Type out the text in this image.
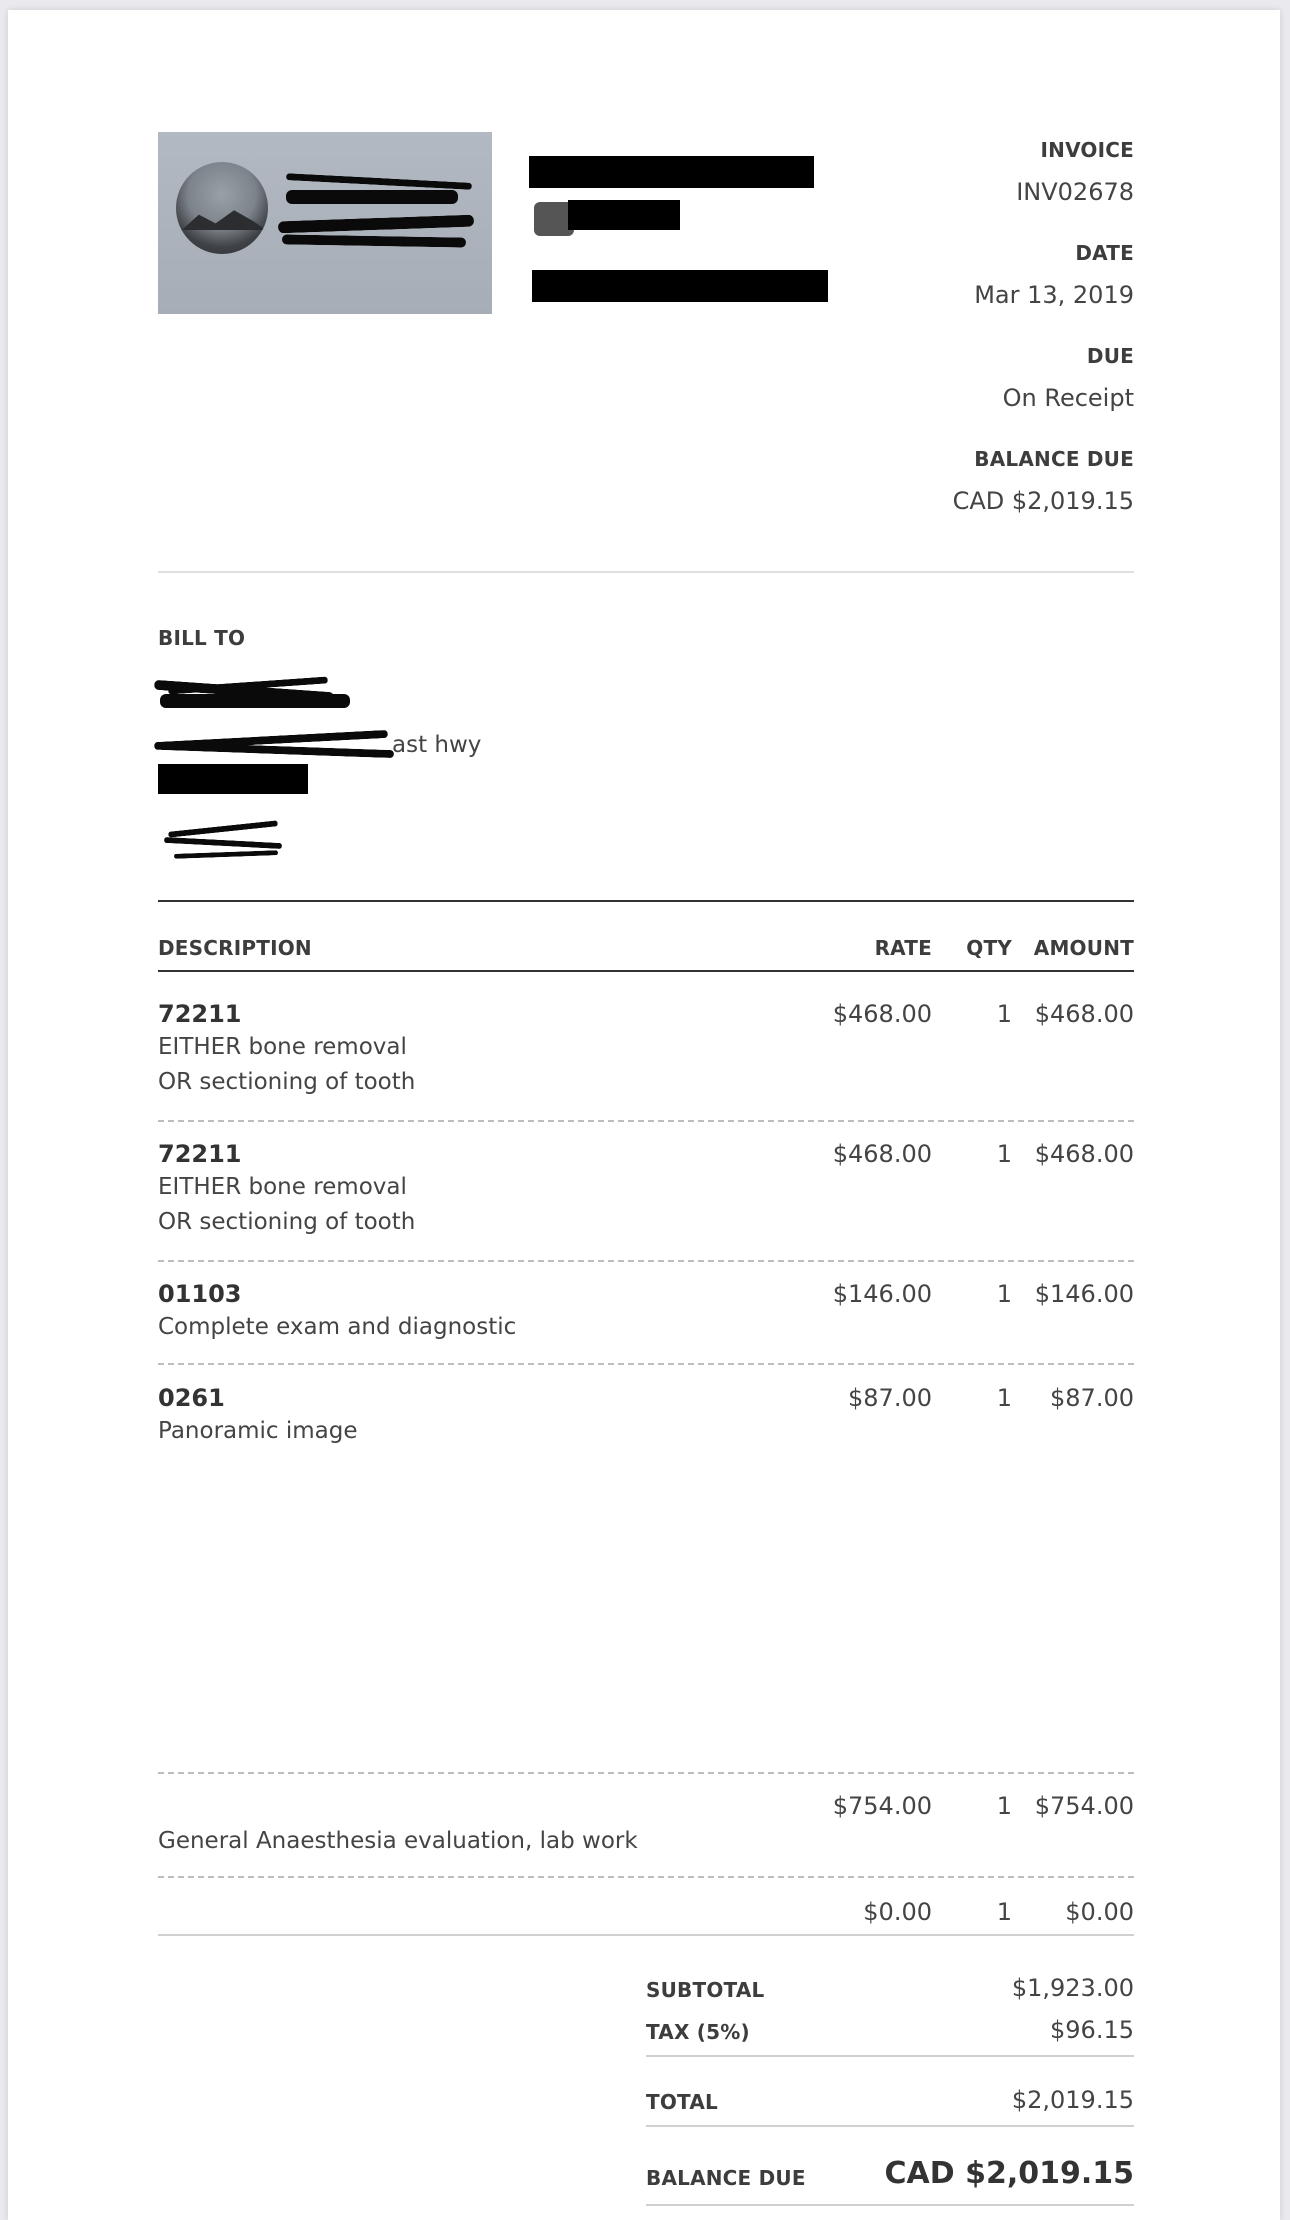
INVOICE
INV02678
DATE
Mar 13, 2019
DUE
On Receipt
BALANCE DUE
CAD $2,019.15
BILL TO
ast hwy
DESCRIPTION	RATE	QTY	AMOUNT
72211
EITHER bone removal
OR sectioning of tooth
$468.00	1 $468.00
72211
EITHER bone removal
OR sectioning of tooth
$468.00	1 $468.00
01103
Complete exam and diagnostic
$146.00	1 $146.00
0261
Panoramic image
$87.00	1	$87.00
General Anaesthesia evaluation, lab work
$754.00	1 $754.00
$0.00	1	$0.00
SUBTOTAL	$1,923.00
TAX (5%)	$96.15
TOTAL	$2,019.15
BALANCE DUE	CAD $2,019.15
